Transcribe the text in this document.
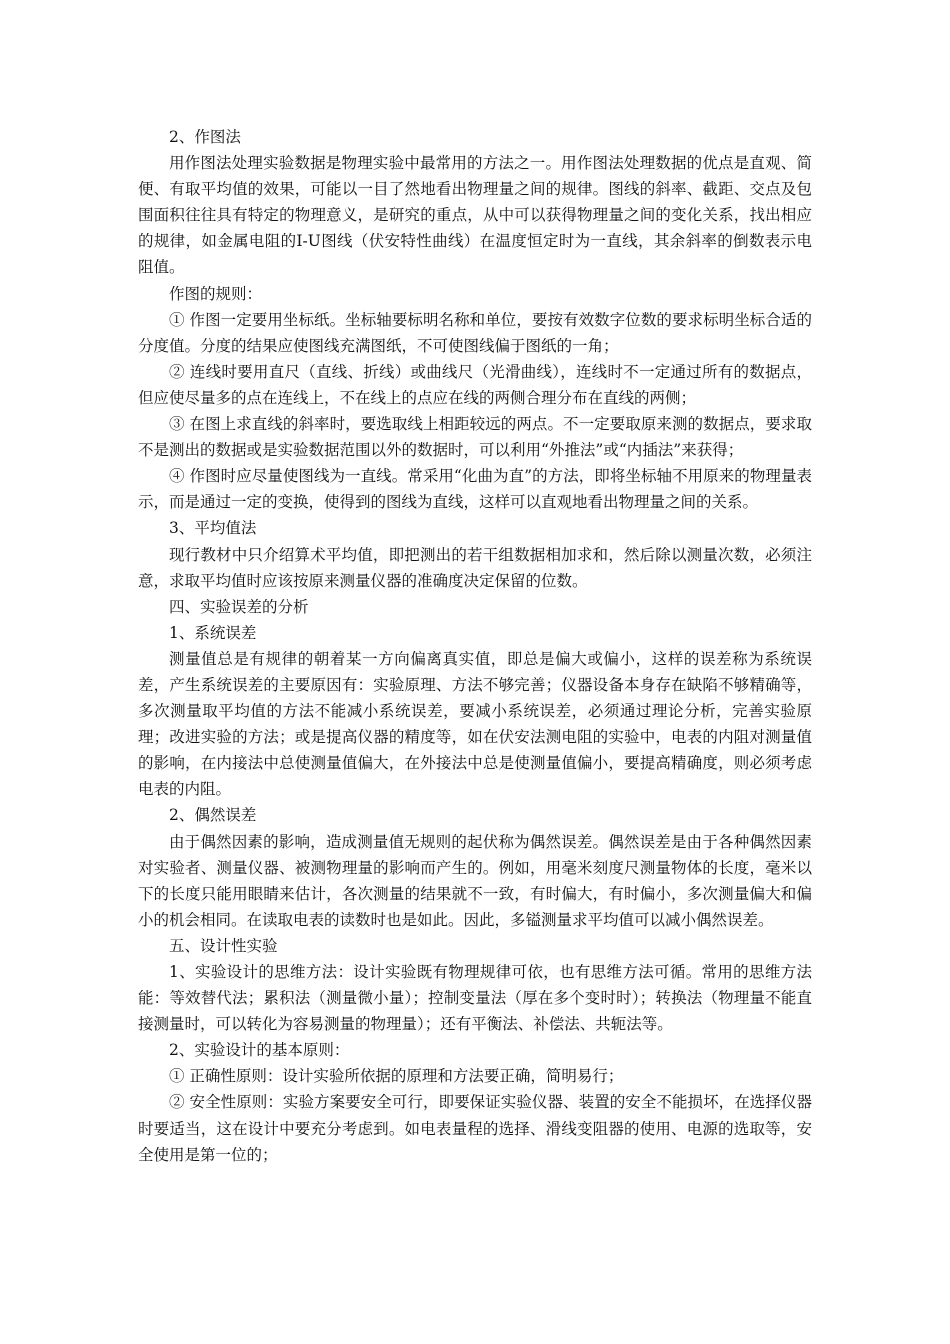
2、作图法

用作图法处理实验数据是物理实验中最常用的方法之一。用作图法处理数据的优点是直观、简便、有取平均值的效果，可能以一目了然地看出物理量之间的规律。图线的斜率、截距、交点及包围面积往往具有特定的物理意义，是研究的重点，从中可以获得物理量之间的变化关系，找出相应的规律，如金属电阻的I-U图线（伏安特性曲线）在温度恒定时为一直线，其余斜率的倒数表示电阻值。

作图的规则：

① 作图一定要用坐标纸。坐标轴要标明名称和单位，要按有效数字位数的要求标明坐标合适的分度值。分度的结果应使图线充满图纸，不可使图线偏于图纸的一角；

② 连线时要用直尺（直线、折线）或曲线尺（光滑曲线），连线时不一定通过所有的数据点，但应使尽量多的点在连线上，不在线上的点应在线的两侧合理分布在直线的两侧；

③ 在图上求直线的斜率时，要选取线上相距较远的两点。不一定要取原来测的数据点，要求取不是测出的数据或是实验数据范围以外的数据时，可以利用“外推法”或“内插法”来获得；

④ 作图时应尽量使图线为一直线。常采用“化曲为直”的方法，即将坐标轴不用原来的物理量表示，而是通过一定的变换，使得到的图线为直线，这样可以直观地看出物理量之间的关系。

3、平均值法

现行教材中只介绍算术平均值，即把测出的若干组数据相加求和，然后除以测量次数，必须注意，求取平均值时应该按原来测量仪器的准确度决定保留的位数。

四、实验误差的分析

1、系统误差

测量值总是有规律的朝着某一方向偏离真实值，即总是偏大或偏小，这样的误差称为系统误差，产生系统误差的主要原因有：实验原理、方法不够完善；仪器设备本身存在缺陷不够精确等，多次测量取平均值的方法不能减小系统误差，要减小系统误差，必须通过理论分析，完善实验原理；改进实验的方法；或是提高仪器的精度等，如在伏安法测电阻的实验中，电表的内阻对测量值的影响，在内接法中总使测量值偏大，在外接法中总是使测量值偏小，要提高精确度，则必须考虑电表的内阻。

2、偶然误差

由于偶然因素的影响，造成测量值无规则的起伏称为偶然误差。偶然误差是由于各种偶然因素对实验者、测量仪器、被测物理量的影响而产生的。例如，用毫米刻度尺测量物体的长度，毫米以下的长度只能用眼睛来估计，各次测量的结果就不一致，有时偏大，有时偏小，多次测量偏大和偏小的机会相同。在读取电表的读数时也是如此。因此，多镒测量求平均值可以减小偶然误差。

五、设计性实验

1、实验设计的思维方法：设计实验既有物理规律可依，也有思维方法可循。常用的思维方法能：等效替代法；累积法（测量微小量）；控制变量法（厚在多个变时时）；转换法（物理量不能直接测量时，可以转化为容易测量的物理量）；还有平衡法、补偿法、共轭法等。

2、实验设计的基本原则：

① 正确性原则：设计实验所依据的原理和方法要正确，简明易行；

② 安全性原则：实验方案要安全可行，即要保证实验仪器、装置的安全不能损坏，在选择仪器时要适当，这在设计中要充分考虑到。如电表量程的选择、滑线变阻器的使用、电源的选取等，安全使用是第一位的；
